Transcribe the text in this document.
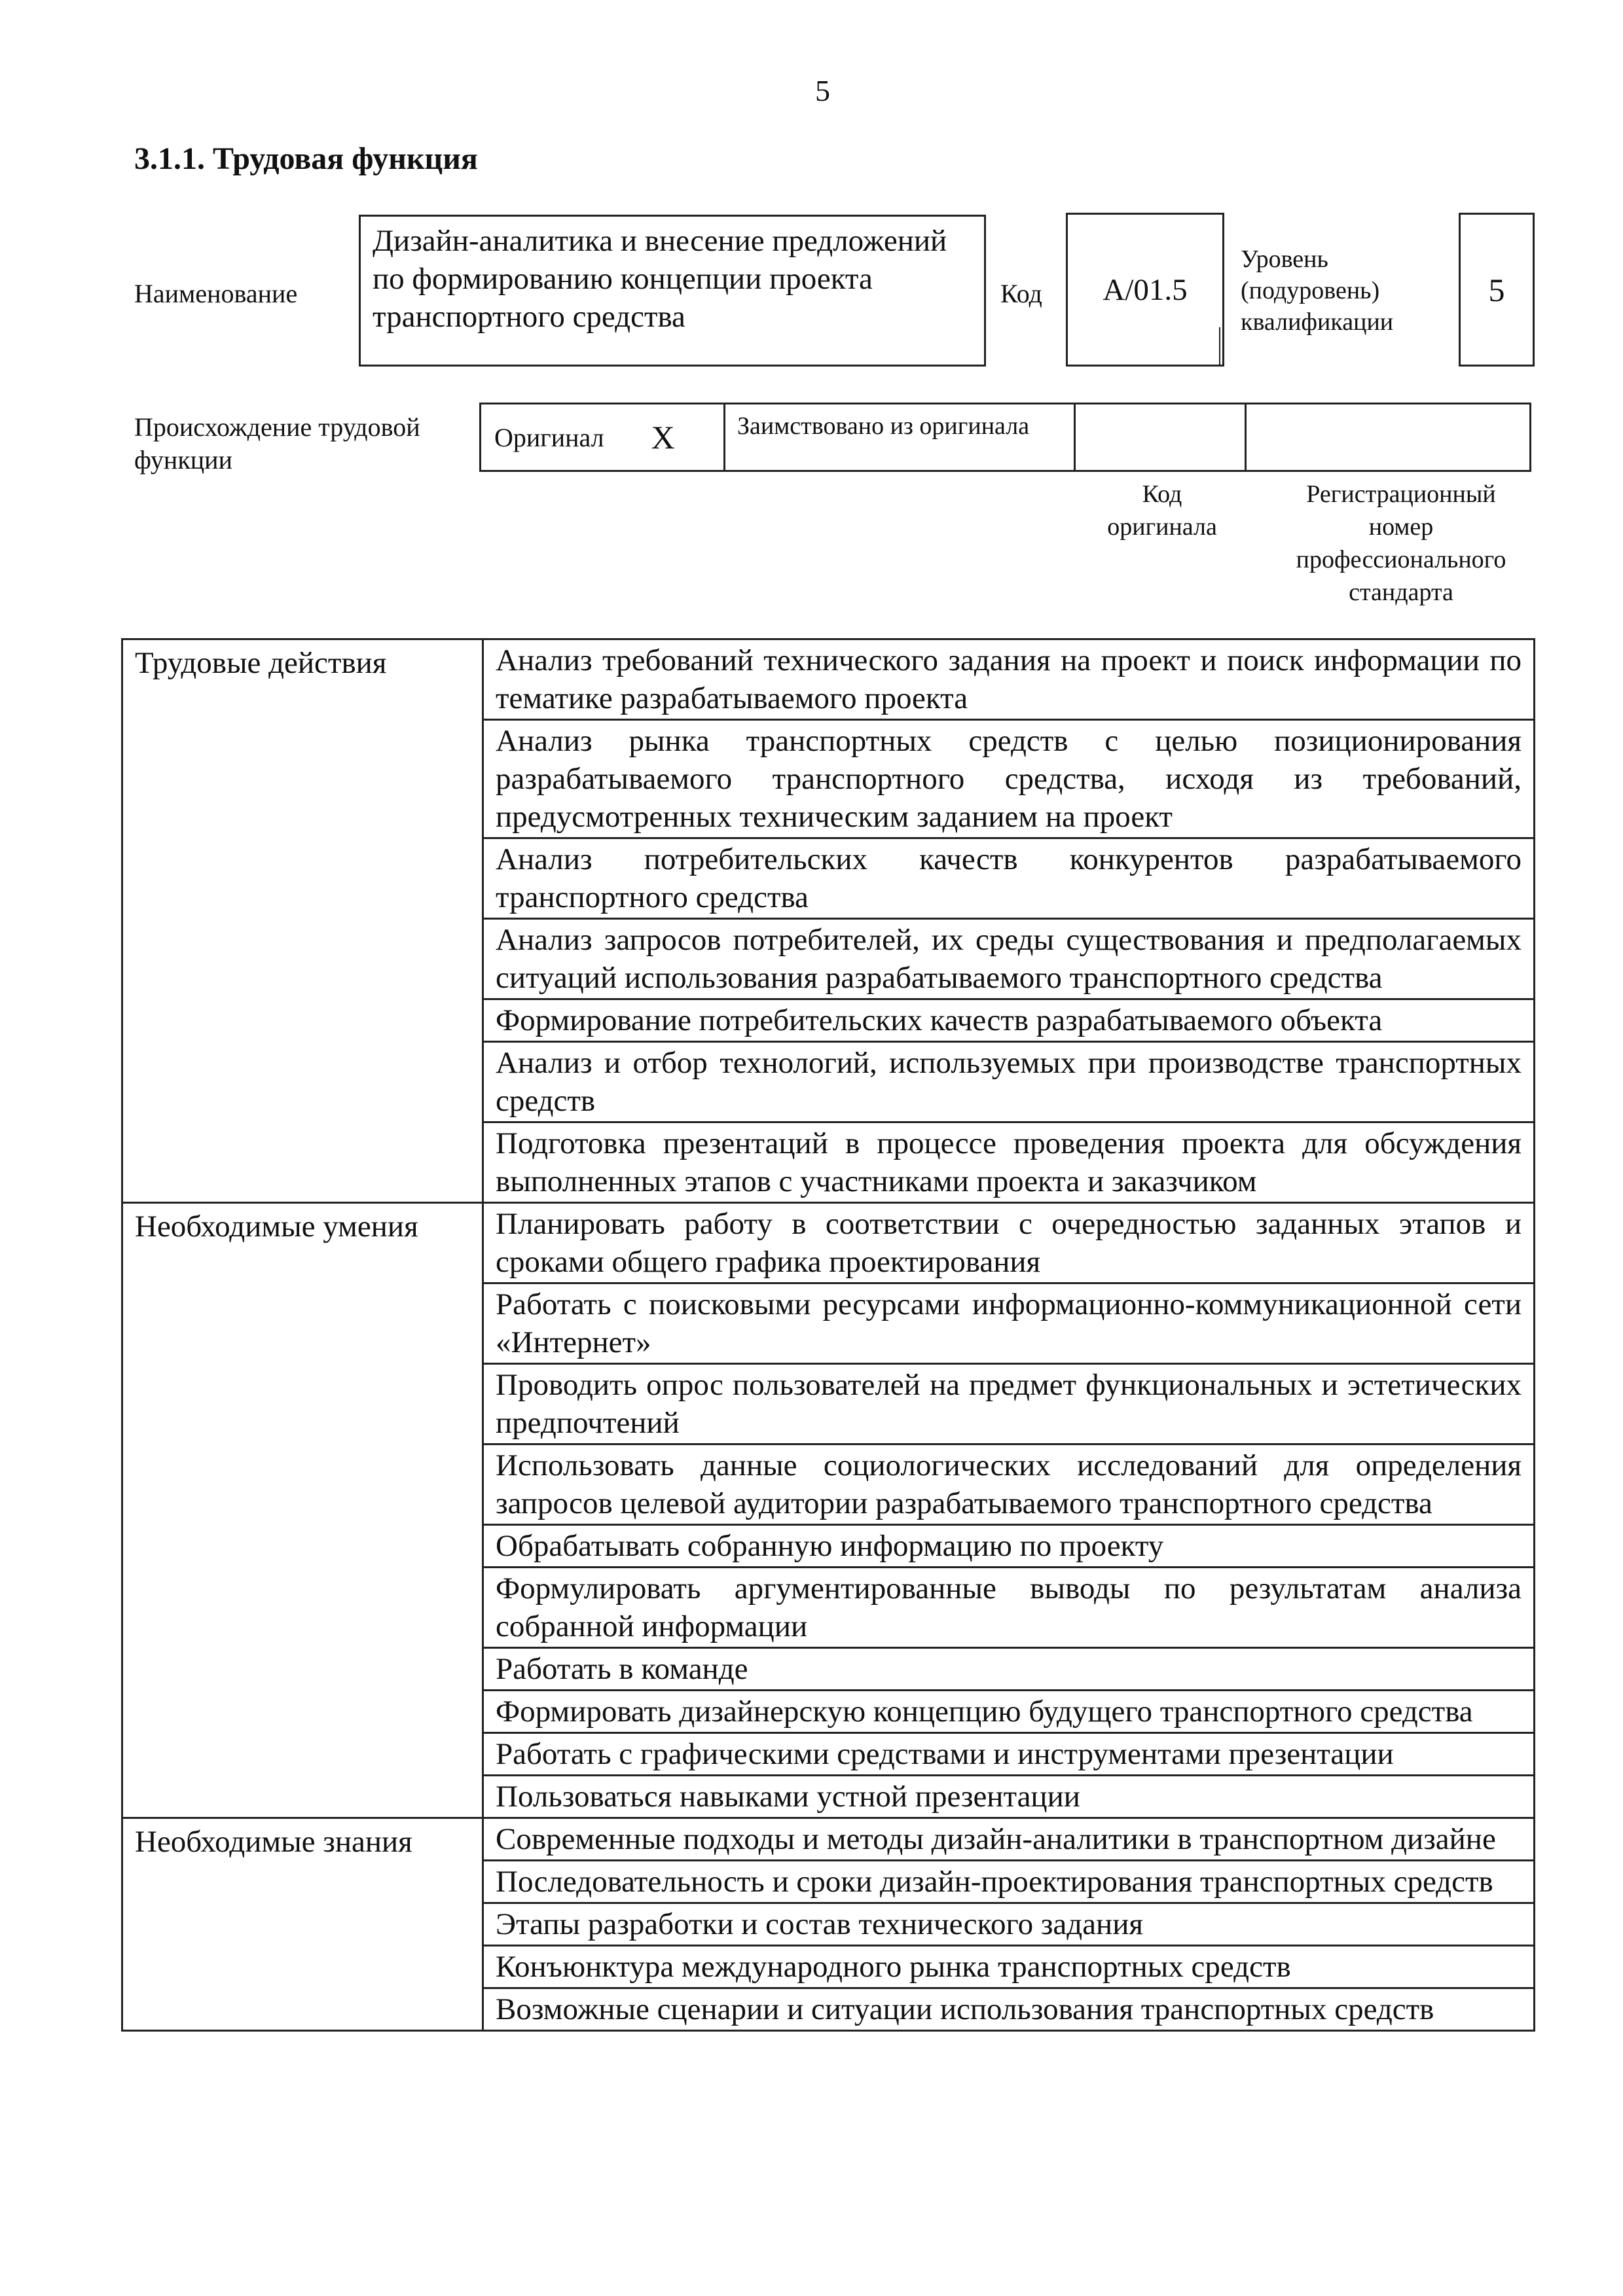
5
3.1.1. Трудовая функция
Наименование
Дизайн-аналитика и внесение предложений по формированию концепции проекта транспортного средства
Код	А/01.5
Уровень
(подуровень)
квалификации
5
Происхождение трудовой
функции
Оригинал X	Заимствовано из оригинала
Код
оригинала
Регистрационный
номер
профессионального
стандарта
Трудовые действия	Анализ требований технического задания на проект и поиск информации по тематике разрабатываемого проекта
	Анализ рынка транспортных средств с целью позиционирования разрабатываемого транспортного средства, исходя из требований, предусмотренных техническим заданием на проект
	Анализ потребительских качеств конкурентов разрабатываемого транспортного средства
	Анализ запросов потребителей, их среды существования и предполагаемых ситуаций использования разрабатываемого транспортного средства
	Формирование потребительских качеств разрабатываемого объекта
	Анализ и отбор технологий, используемых при производстве транспортных средств
	Подготовка презентаций в процессе проведения проекта для обсуждения выполненных этапов с участниками проекта и заказчиком
Необходимые умения	Планировать работу в соответствии с очередностью заданных этапов и сроками общего графика проектирования
	Работать с поисковыми ресурсами информационно-коммуникационной сети «Интернет»
	Проводить опрос пользователей на предмет функциональных и эстетических предпочтений
	Использовать данные социологических исследований для определения запросов целевой аудитории разрабатываемого транспортного средства
	Обрабатывать собранную информацию по проекту
	Формулировать аргументированные выводы по результатам анализа собранной информации
	Работать в команде
	Формировать дизайнерскую концепцию будущего транспортного средства
	Работать с графическими средствами и инструментами презентации
	Пользоваться навыками устной презентации
Необходимые знания	Современные подходы и методы дизайн-аналитики в транспортном дизайне
	Последовательность и сроки дизайн-проектирования транспортных средств
	Этапы разработки и состав технического задания
	Конъюнктура международного рынка транспортных средств
	Возможные сценарии и ситуации использования транспортных средств
